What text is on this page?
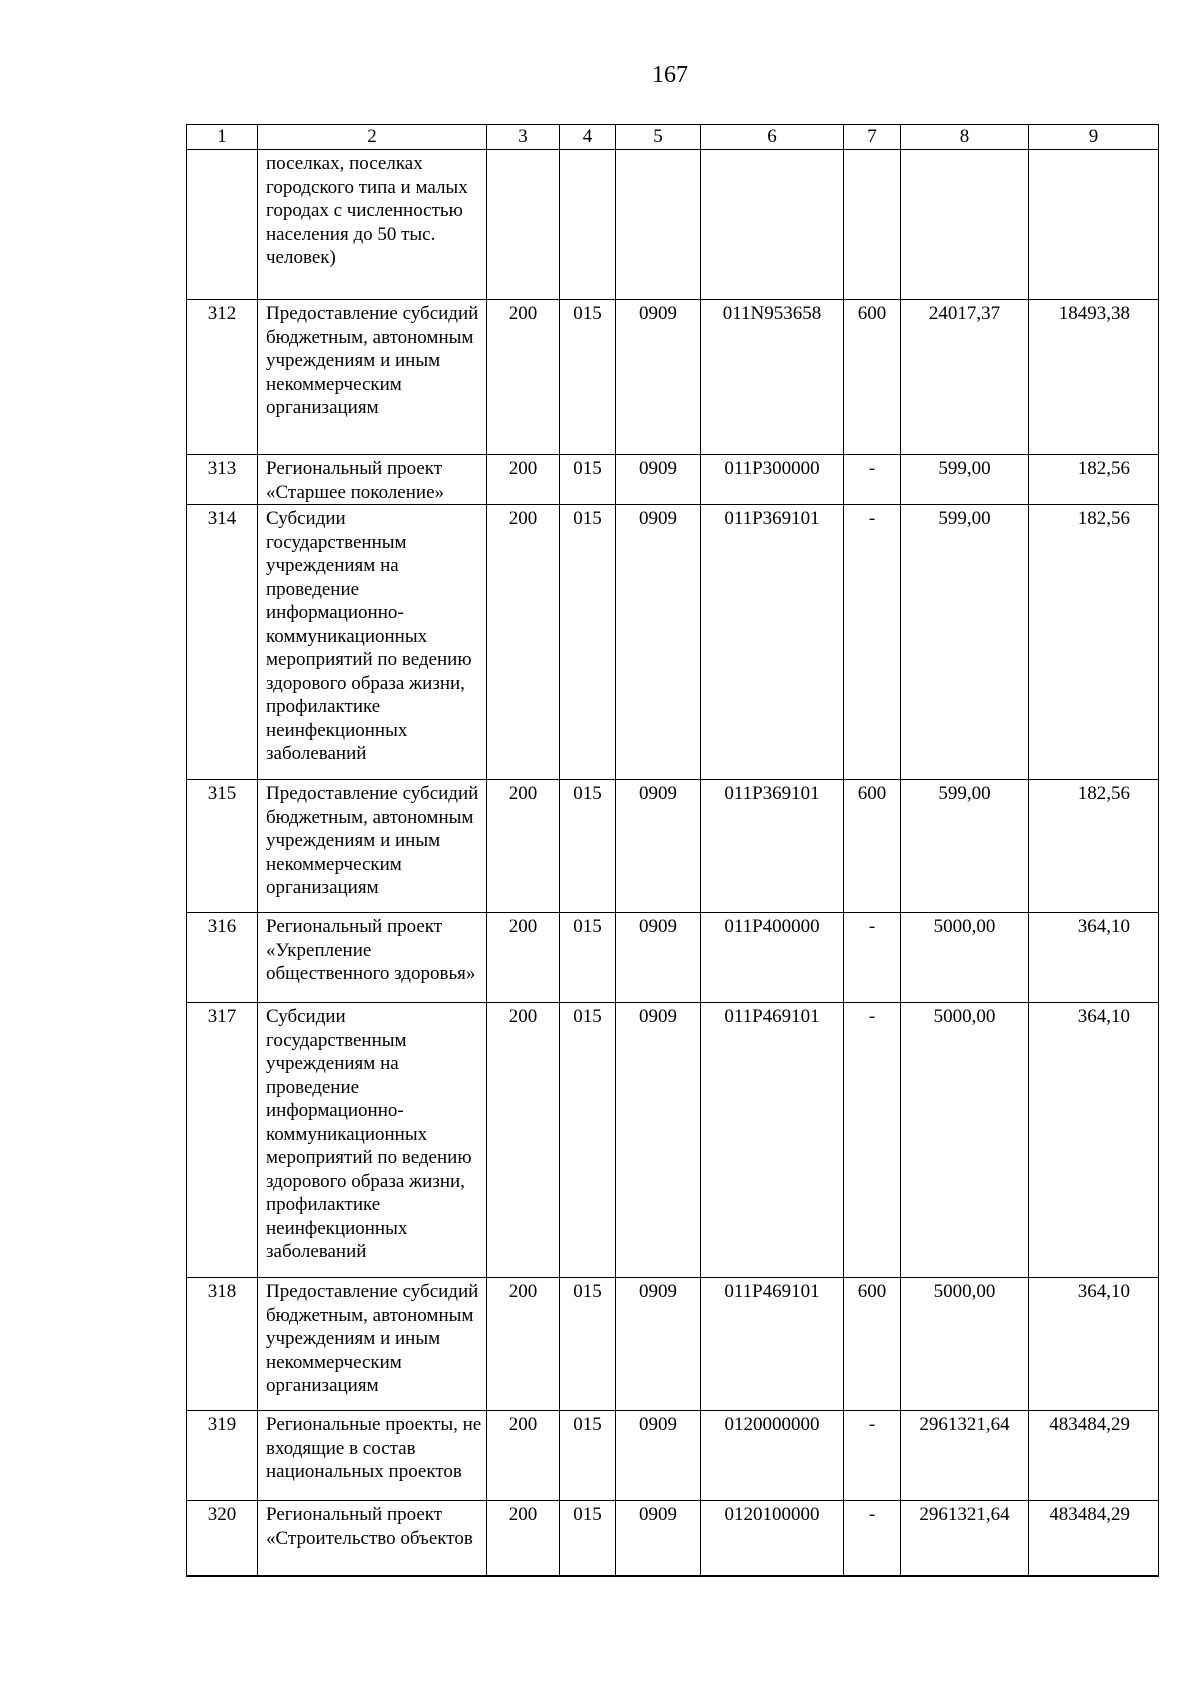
167
1	2	3	4	5	6	7	8	9
	поселках, поселках городского типа и малых городах с численностью населения до 50 тыс. человек)							
312	Предоставление субсидий бюджетным, автономным учреждениям и иным некоммерческим организациям	200	015	0909	011N953658	600	24017,37	18493,38
313	Региональный проект «Старшее поколение»	200	015	0909	011P300000	-	599,00	182,56
314	Субсидии государственным учреждениям на проведение информационно-коммуникационных мероприятий по ведению здорового образа жизни, профилактике неинфекционных заболеваний	200	015	0909	011P369101	-	599,00	182,56
315	Предоставление субсидий бюджетным, автономным учреждениям и иным некоммерческим организациям	200	015	0909	011P369101	600	599,00	182,56
316	Региональный проект «Укрепление общественного здоровья»	200	015	0909	011P400000	-	5000,00	364,10
317	Субсидии государственным учреждениям на проведение информационно-коммуникационных мероприятий по ведению здорового образа жизни, профилактике неинфекционных заболеваний	200	015	0909	011P469101	-	5000,00	364,10
318	Предоставление субсидий бюджетным, автономным учреждениям и иным некоммерческим организациям	200	015	0909	011P469101	600	5000,00	364,10
319	Региональные проекты, не входящие в состав национальных проектов	200	015	0909	0120000000	-	2961321,64	483484,29
320	Региональный проект «Строительство объектов	200	015	0909	0120100000	-	2961321,64	483484,29
